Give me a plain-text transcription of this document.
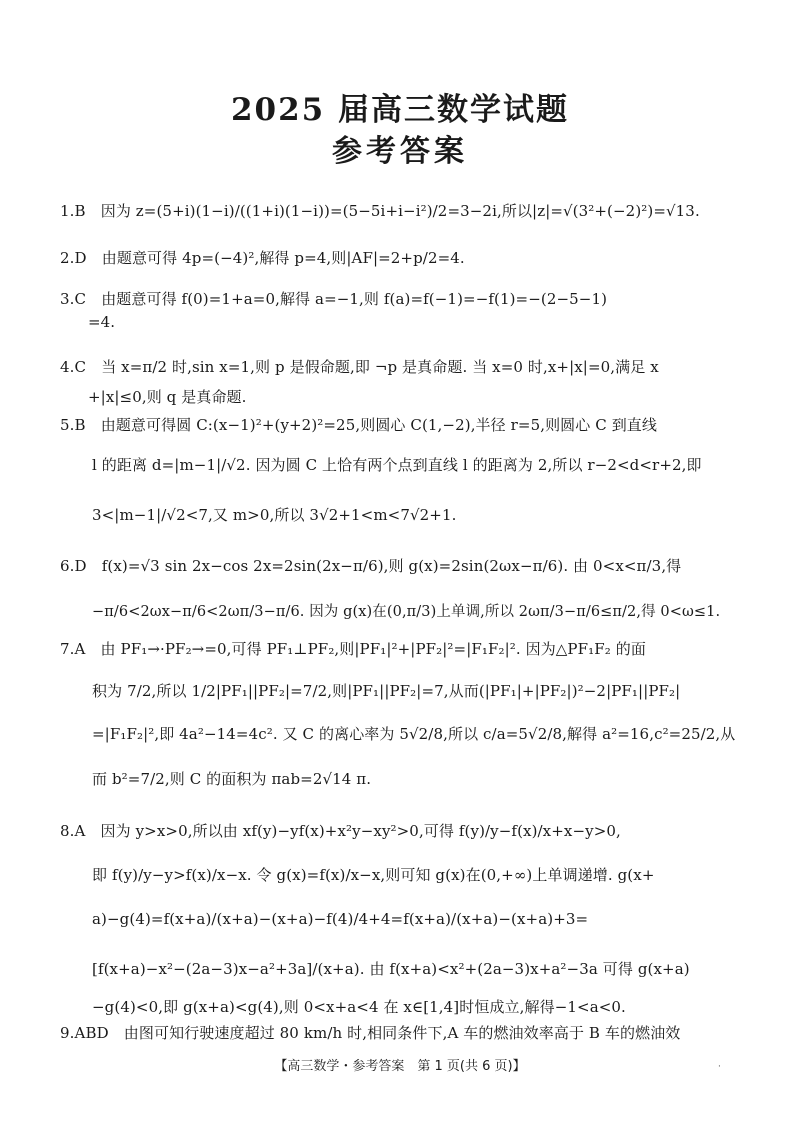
2025 届高三数学试题
参考答案
1.B　因为 z=(5+i)(1−i)/((1+i)(1−i))=(5−5i+i−i²)/2=3−2i,所以|z|=√(3²+(−2)²)=√13.
2.D　由题意可得 4p=(−4)²,解得 p=4,则|AF|=2+p/2=4.
3.C　由题意可得 f(0)=1+a=0,解得 a=−1,则 f(a)=f(−1)=−f(1)=−(2−5−1)
=4.
4.C　当 x=π/2 时,sin x=1,则 p 是假命题,即 ¬p 是真命题. 当 x=0 时,x+|x|=0,满足 x
+|x|≤0,则 q 是真命题.
5.B　由题意可得圆 C:(x−1)²+(y+2)²=25,则圆心 C(1,−2),半径 r=5,则圆心 C 到直线
l 的距离 d=|m−1|/√2. 因为圆 C 上恰有两个点到直线 l 的距离为 2,所以 r−2<d<r+2,即
3<|m−1|/√2<7,又 m>0,所以 3√2+1<m<7√2+1.
6.D　f(x)=√3 sin 2x−cos 2x=2sin(2x−π/6),则 g(x)=2sin(2ωx−π/6). 由 0<x<π/3,得
−π/6<2ωx−π/6<2ωπ/3−π/6. 因为 g(x)在(0,π/3)上单调,所以 2ωπ/3−π/6≤π/2,得 0<ω≤1.
7.A　由 PF₁→·PF₂→=0,可得 PF₁⊥PF₂,则|PF₁|²+|PF₂|²=|F₁F₂|². 因为△PF₁F₂ 的面
积为 7/2,所以 1/2|PF₁||PF₂|=7/2,则|PF₁||PF₂|=7,从而(|PF₁|+|PF₂|)²−2|PF₁||PF₂|
=|F₁F₂|²,即 4a²−14=4c². 又 C 的离心率为 5√2/8,所以 c/a=5√2/8,解得 a²=16,c²=25/2,从
而 b²=7/2,则 C 的面积为 πab=2√14 π.
8.A　因为 y>x>0,所以由 xf(y)−yf(x)+x²y−xy²>0,可得 f(y)/y−f(x)/x+x−y>0,
即 f(y)/y−y>f(x)/x−x. 令 g(x)=f(x)/x−x,则可知 g(x)在(0,+∞)上单调递增. g(x+
a)−g(4)=f(x+a)/(x+a)−(x+a)−f(4)/4+4=f(x+a)/(x+a)−(x+a)+3=
[f(x+a)−x²−(2a−3)x−a²+3a]/(x+a). 由 f(x+a)<x²+(2a−3)x+a²−3a 可得 g(x+a)
−g(4)<0,即 g(x+a)<g(4),则 0<x+a<4 在 x∈[1,4]时恒成立,解得−1<a<0.
9.ABD　由图可知行驶速度超过 80 km/h 时,相同条件下,A 车的燃油效率高于 B 车的燃油效
【高三数学・参考答案　第 1 页(共 6 页)】	·
